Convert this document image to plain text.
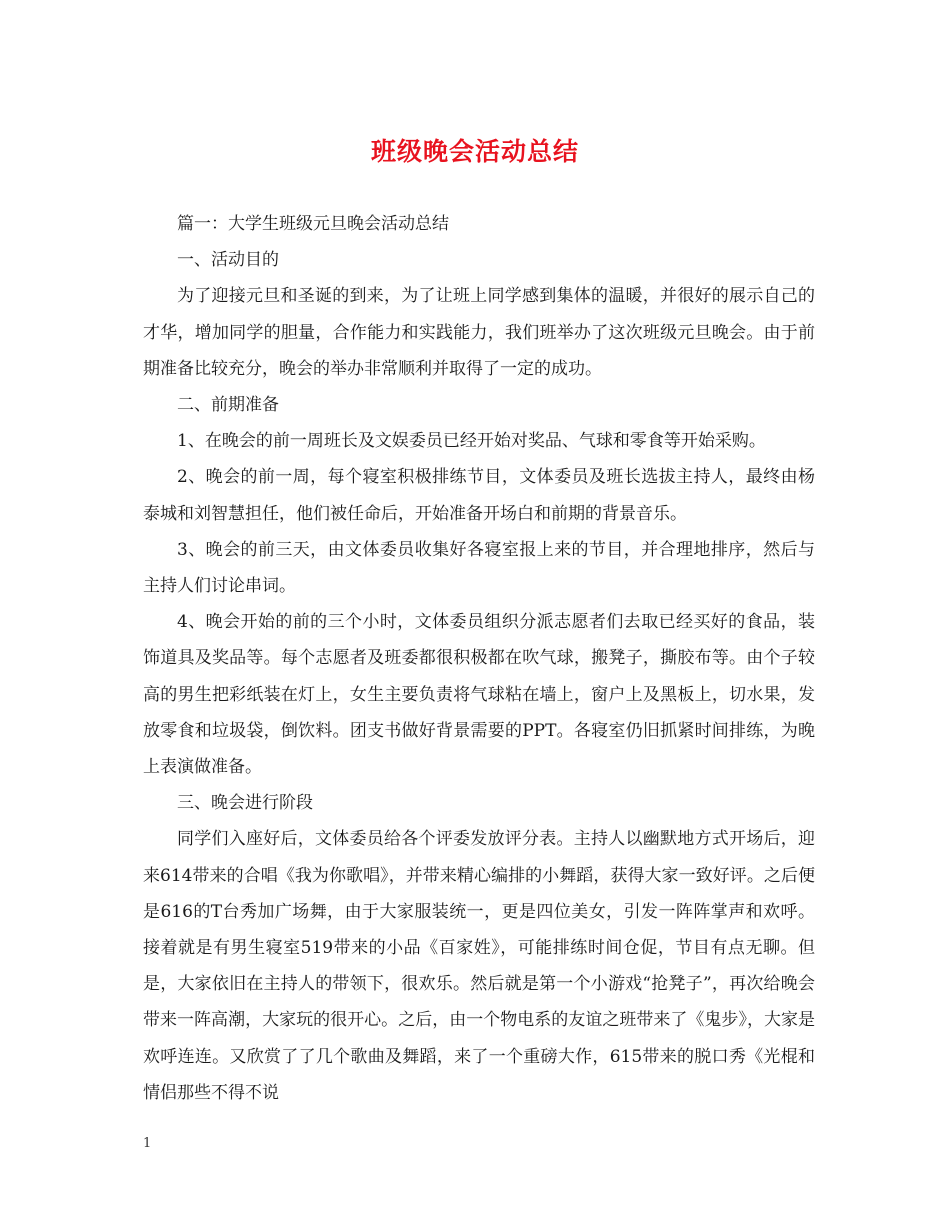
班级晚会活动总结

篇一：大学生班级元旦晚会活动总结

一、活动目的

为了迎接元旦和圣诞的到来，为了让班上同学感到集体的温暖，并很好的展示自己的才华，增加同学的胆量，合作能力和实践能力，我们班举办了这次班级元旦晚会。由于前期准备比较充分，晚会的举办非常顺利并取得了一定的成功。

二、前期准备

1、在晚会的前一周班长及文娱委员已经开始对奖品、气球和零食等开始采购。

2、晚会的前一周，每个寝室积极排练节目，文体委员及班长选拔主持人，最终由杨泰城和刘智慧担任，他们被任命后，开始准备开场白和前期的背景音乐。

3、晚会的前三天，由文体委员收集好各寝室报上来的节目，并合理地排序，然后与主持人们讨论串词。

4、晚会开始的前的三个小时，文体委员组织分派志愿者们去取已经买好的食品，装饰道具及奖品等。每个志愿者及班委都很积极都在吹气球，搬凳子，撕胶布等。由个子较高的男生把彩纸装在灯上，女生主要负责将气球粘在墙上，窗户上及黑板上，切水果，发放零食和垃圾袋，倒饮料。团支书做好背景需要的PPT。各寝室仍旧抓紧时间排练，为晚上表演做准备。

三、晚会进行阶段

同学们入座好后，文体委员给各个评委发放评分表。主持人以幽默地方式开场后，迎来614带来的合唱《我为你歌唱》，并带来精心编排的小舞蹈，获得大家一致好评。之后便是616的T台秀加广场舞，由于大家服装统一，更是四位美女，引发一阵阵掌声和欢呼。接着就是有男生寝室519带来的小品《百家姓》，可能排练时间仓促，节目有点无聊。但是，大家依旧在主持人的带领下，很欢乐。然后就是第一个小游戏“抢凳子”，再次给晚会带来一阵高潮，大家玩的很开心。之后，由一个物电系的友谊之班带来了《鬼步》，大家是欢呼连连。又欣赏了了几个歌曲及舞蹈，来了一个重磅大作，615带来的脱口秀《光棍和情侣那些不得不说

1
